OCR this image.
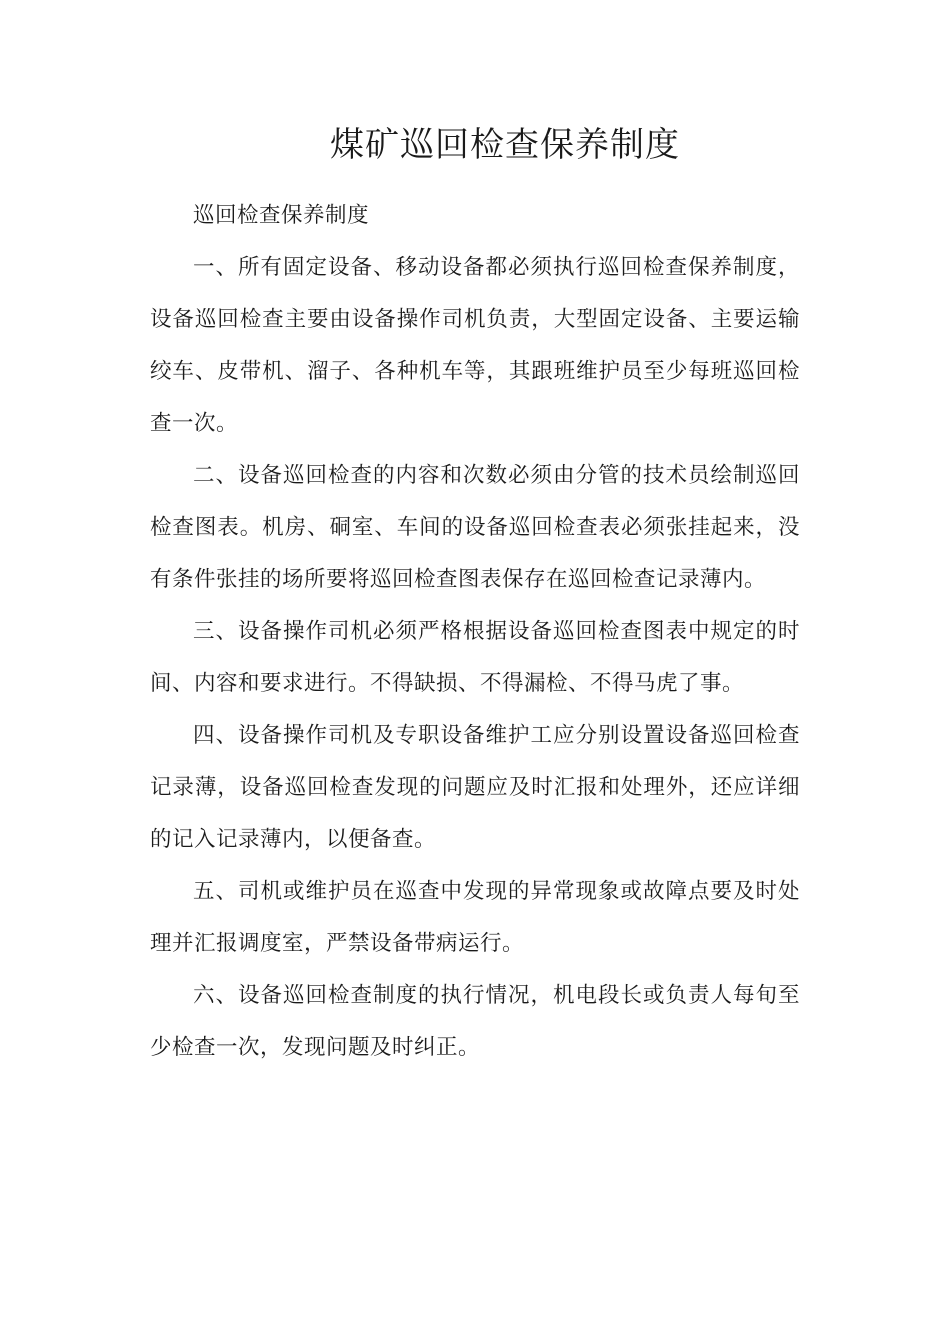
煤矿巡回检查保养制度

巡回检查保养制度

一、所有固定设备、移动设备都必须执行巡回检查保养制度，设备巡回检查主要由设备操作司机负责，大型固定设备、主要运输绞车、皮带机、溜子、各种机车等，其跟班维护员至少每班巡回检查一次。

二、设备巡回检查的内容和次数必须由分管的技术员绘制巡回检查图表。机房、硐室、车间的设备巡回检查表必须张挂起来，没有条件张挂的场所要将巡回检查图表保存在巡回检查记录薄内。

三、设备操作司机必须严格根据设备巡回检查图表中规定的时间、内容和要求进行。不得缺损、不得漏检、不得马虎了事。

四、设备操作司机及专职设备维护工应分别设置设备巡回检查记录薄，设备巡回检查发现的问题应及时汇报和处理外，还应详细的记入记录薄内，以便备查。

五、司机或维护员在巡查中发现的异常现象或故障点要及时处理并汇报调度室，严禁设备带病运行。

六、设备巡回检查制度的执行情况，机电段长或负责人每旬至少检查一次，发现问题及时纠正。
